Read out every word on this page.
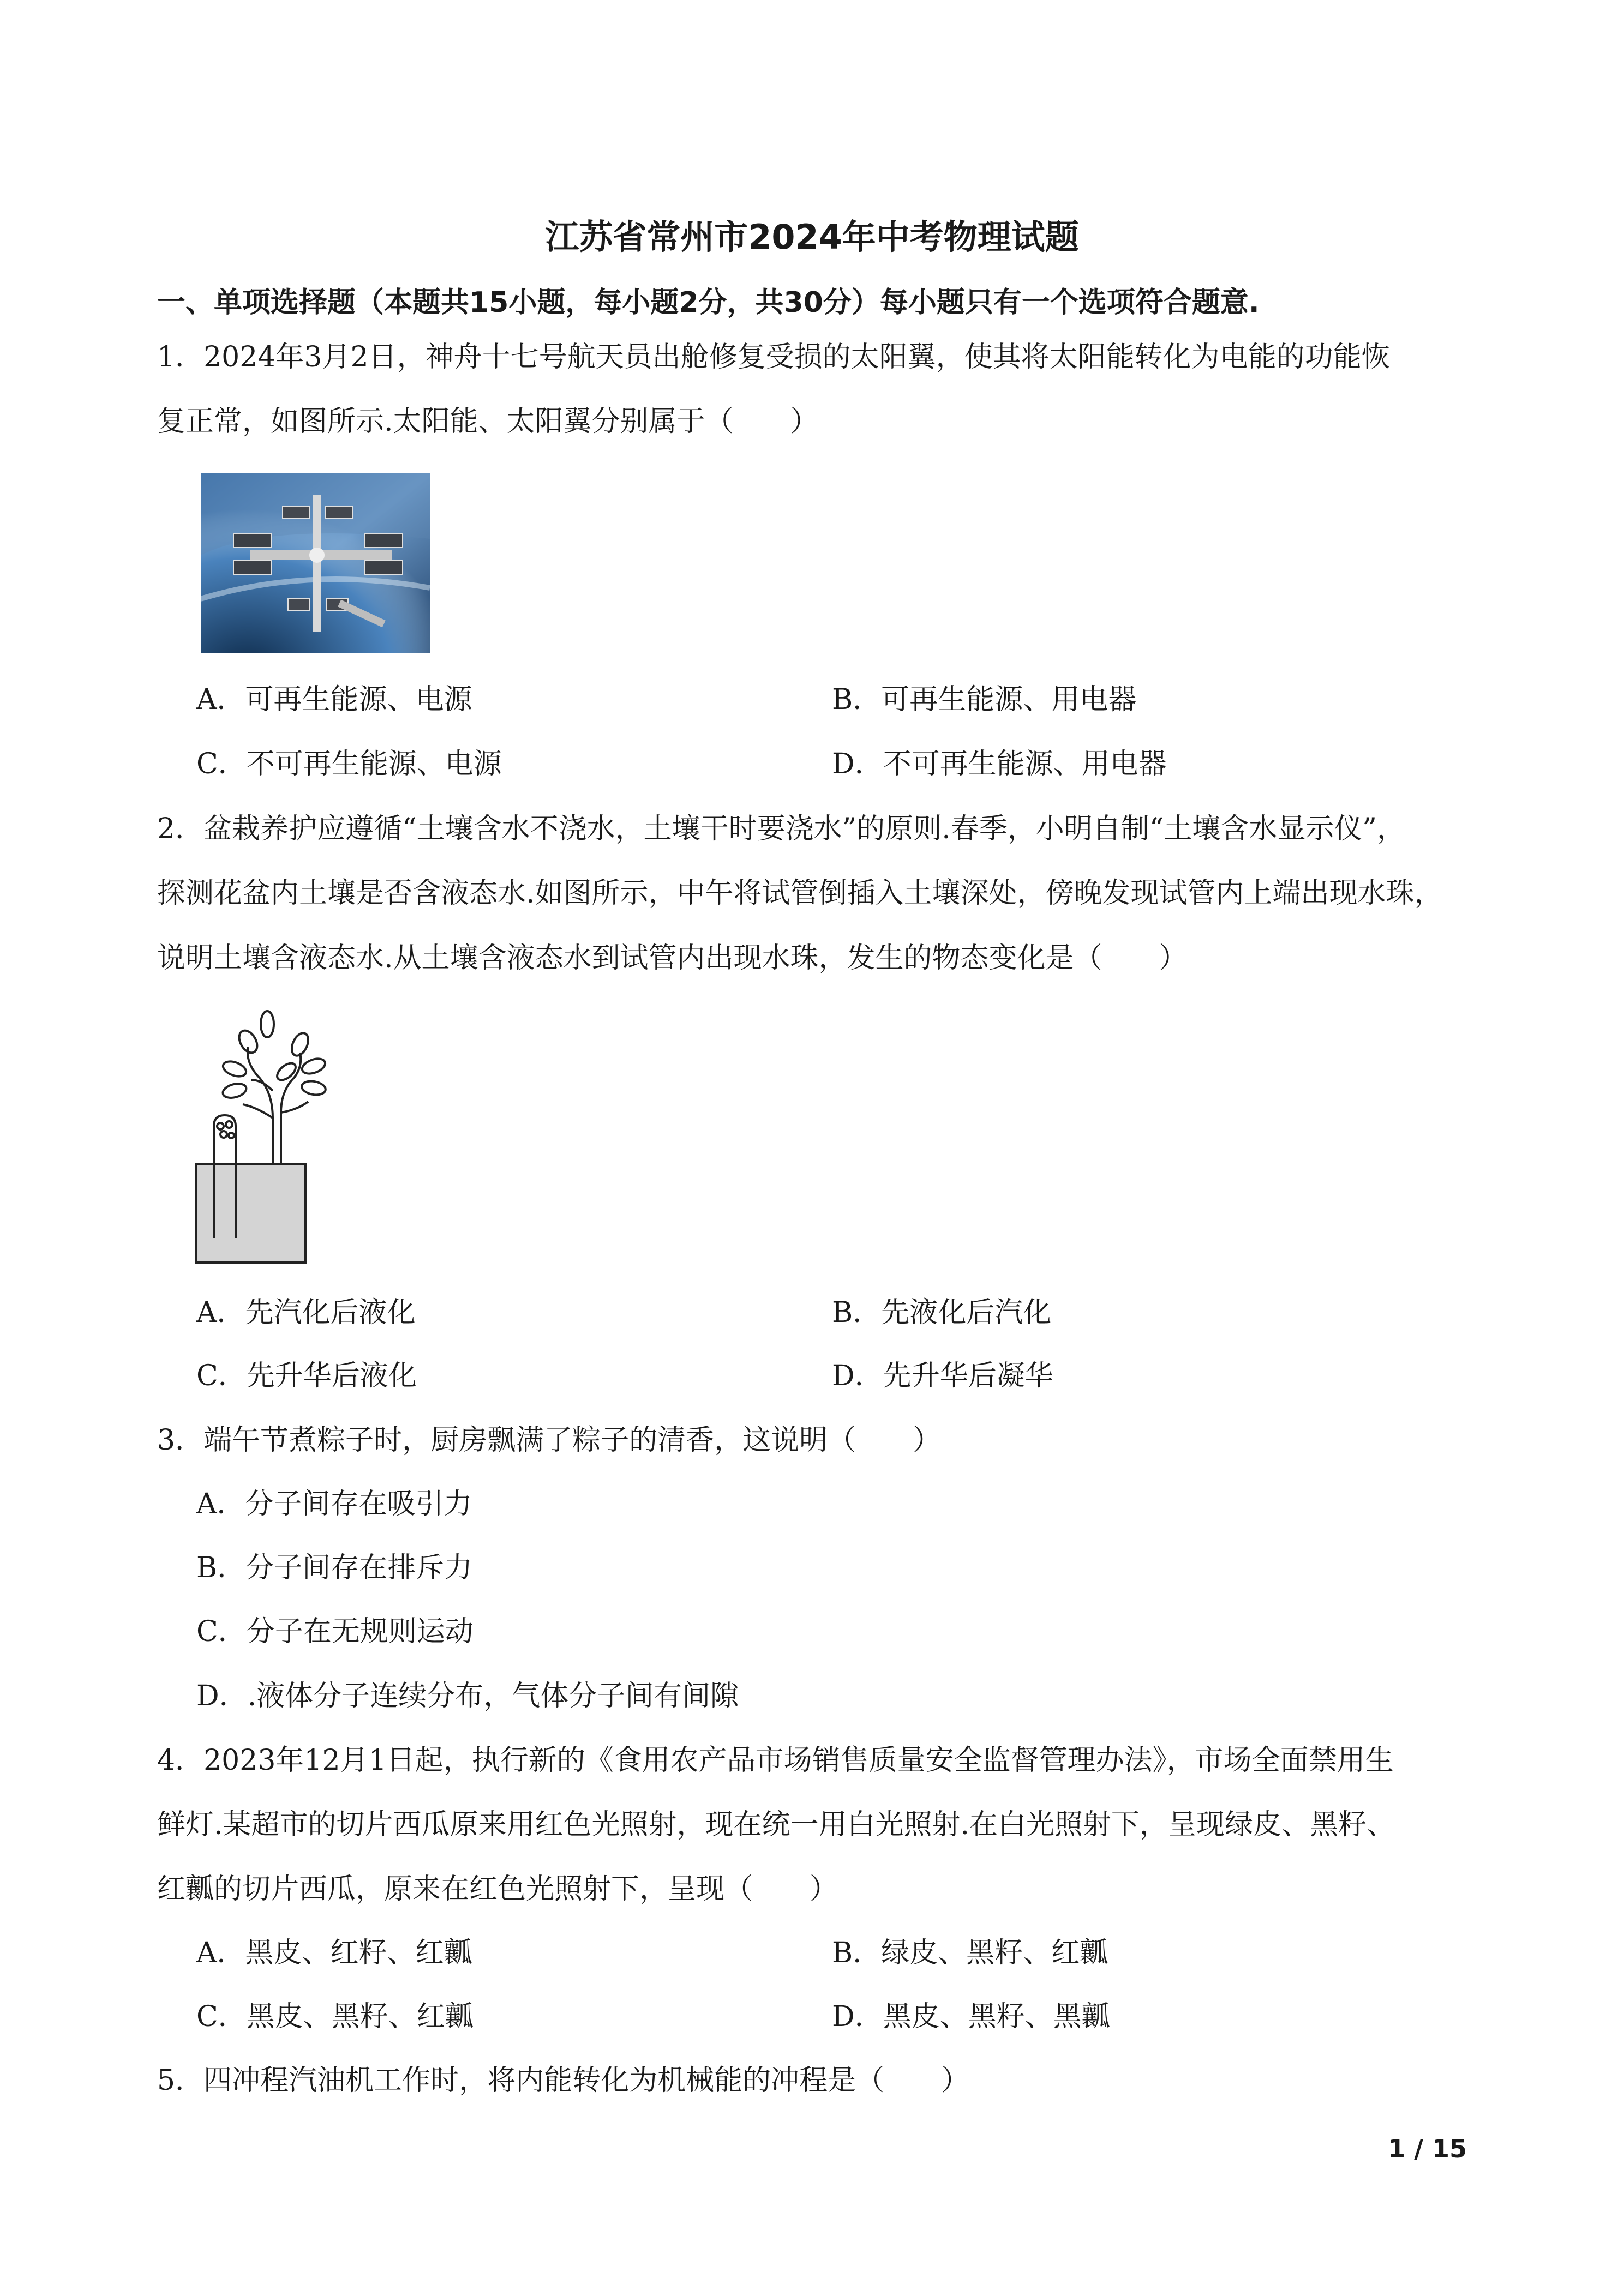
江苏省常州市2024年中考物理试题
一、单项选择题（本题共15小题，每小题2分，共30分）每小题只有一个选项符合题意.
1．2024年3月2日，神舟十七号航天员出舱修复受损的太阳翼，使其将太阳能转化为电能的功能恢
复正常，如图所示.太阳能、太阳翼分别属于（　　）
A．可再生能源、电源	B．可再生能源、用电器
C．不可再生能源、电源	D．不可再生能源、用电器
2．盆栽养护应遵循“土壤含水不浇水，土壤干时要浇水”的原则.春季，小明自制“土壤含水显示仪”，
探测花盆内土壤是否含液态水.如图所示，中午将试管倒插入土壤深处，傍晚发现试管内上端出现水珠，
说明土壤含液态水.从土壤含液态水到试管内出现水珠，发生的物态变化是（　　）
A．先汽化后液化	B．先液化后汽化
C．先升华后液化	D．先升华后凝华
3．端午节煮粽子时，厨房飘满了粽子的清香，这说明（　　）
A．分子间存在吸引力
B．分子间存在排斥力
C．分子在无规则运动
D．.液体分子连续分布，气体分子间有间隙
4．2023年12月1日起，执行新的《食用农产品市场销售质量安全监督管理办法》，市场全面禁用生
鲜灯.某超市的切片西瓜原来用红色光照射，现在统一用白光照射.在白光照射下，呈现绿皮、黑籽、
红瓤的切片西瓜，原来在红色光照射下，呈现（　　）
A．黑皮、红籽、红瓤	B．绿皮、黑籽、红瓤
C．黑皮、黑籽、红瓤	D．黑皮、黑籽、黑瓤
5．四冲程汽油机工作时，将内能转化为机械能的冲程是（　　）
1 / 15
